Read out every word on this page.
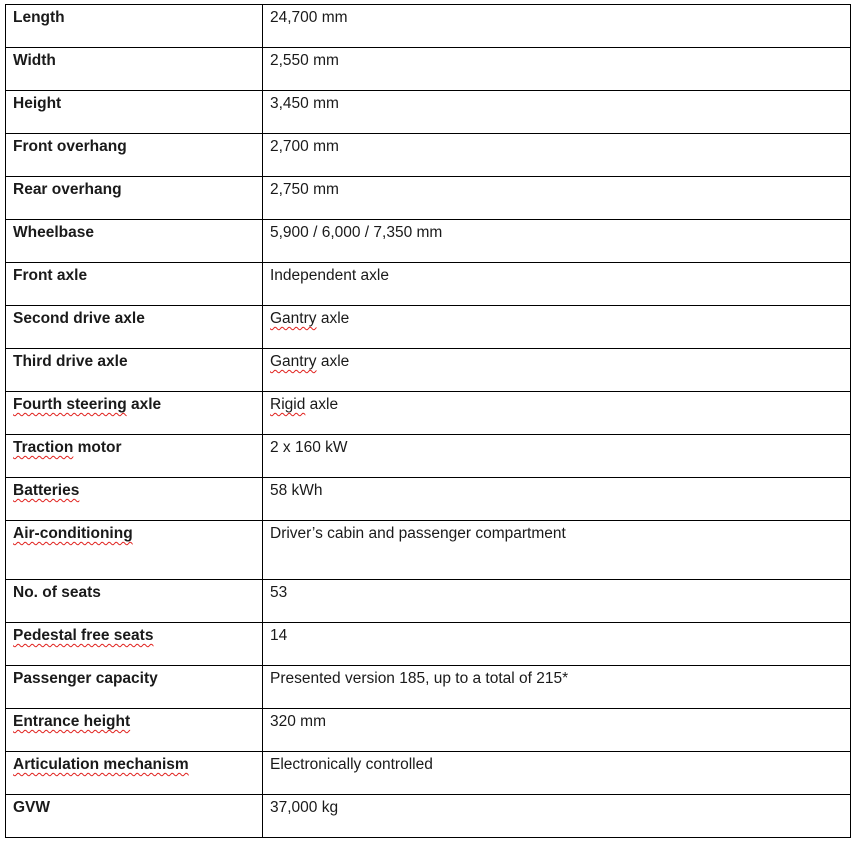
Length	24,700 mm
Width	2,550 mm
Height	3,450 mm
Front overhang	2,700 mm
Rear overhang	2,750 mm
Wheelbase	5,900 / 6,000 / 7,350 mm
Front axle	Independent axle
Second drive axle	Gantry axle
Third drive axle	Gantry axle
Fourth steering axle	Rigid axle
Traction motor	2 x 160 kW
Batteries	58 kWh
Air-conditioning	Driver’s cabin and passenger compartment
No. of seats	53
Pedestal free seats	14
Passenger capacity	Presented version 185, up to a total of 215*
Entrance height	320 mm
Articulation mechanism	Electronically controlled
GVW	37,000 kg
